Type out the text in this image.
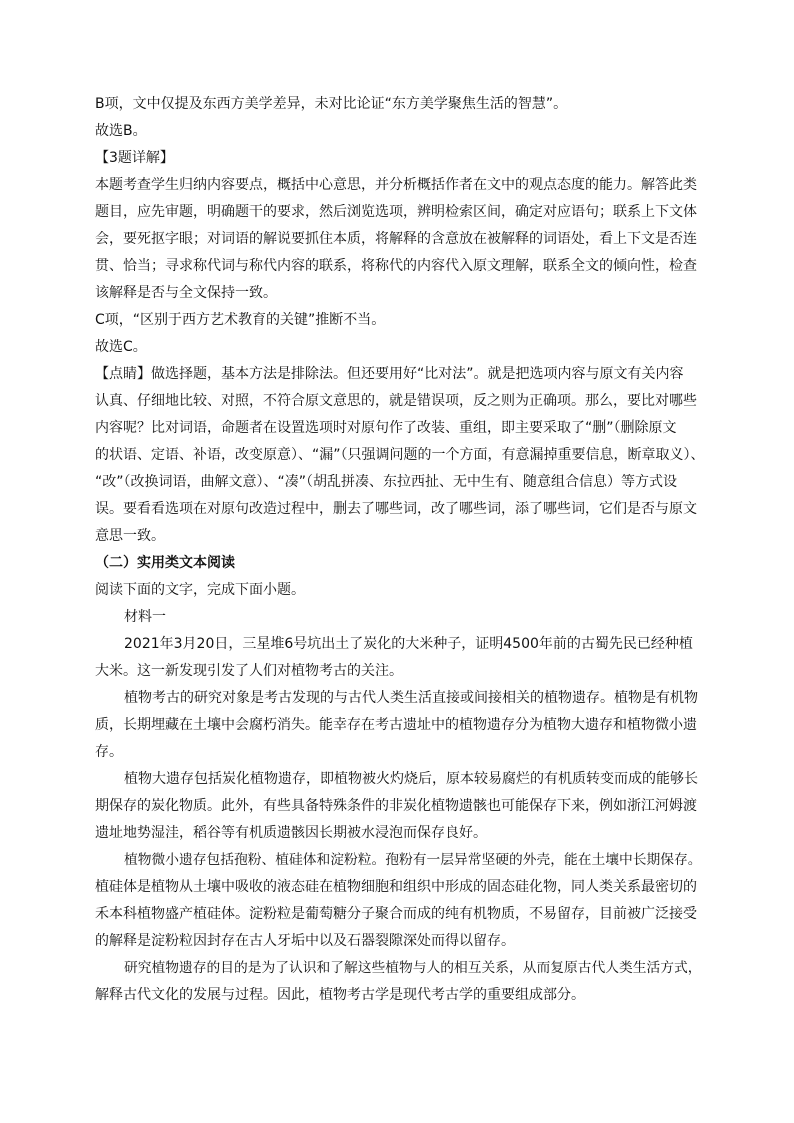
B项，文中仅提及东西方美学差异，未对比论证“东方美学聚焦生活的智慧”。

故选B。

【3题详解】

本题考查学生归纳内容要点，概括中心意思，并分析概括作者在文中的观点态度的能力。解答此类

题目，应先审题，明确题干的要求，然后浏览选项，辨明检索区间，确定对应语句；联系上下文体

会，要死抠字眼；对词语的解说要抓住本质，将解释的含意放在被解释的词语处，看上下文是否连

贯、恰当；寻求称代词与称代内容的联系，将称代的内容代入原文理解，联系全文的倾向性，检查

该解释是否与全文保持一致。

C项，“区别于西方艺术教育的关键”推断不当。

故选C。

【点睛】做选择题，基本方法是排除法。但还要用好“比对法”。就是把选项内容与原文有关内容

认真、仔细地比较、对照，不符合原文意思的，就是错误项，反之则为正确项。那么，要比对哪些

内容呢？比对词语，命题者在设置选项时对原句作了改装、重组，即主要采取了“删”（删除原文

的状语、定语、补语，改变原意）、“漏”（只强调问题的一个方面，有意漏掉重要信息，断章取义）、

“改”（改换词语，曲解文意）、“凑”（胡乱拼凑、东拉西扯、无中生有、随意组合信息）等方式设

误。要看看选项在对原句改造过程中，删去了哪些词，改了哪些词，添了哪些词，它们是否与原文

意思一致。

（二）实用类文本阅读

阅读下面的文字，完成下面小题。

材料一

2021年3月20日，三星堆6号坑出土了炭化的大米种子，证明4500年前的古蜀先民已经种植

大米。这一新发现引发了人们对植物考古的关注。

植物考古的研究对象是考古发现的与古代人类生活直接或间接相关的植物遗存。植物是有机物

质，长期埋藏在土壤中会腐朽消失。能幸存在考古遗址中的植物遗存分为植物大遗存和植物微小遗

存。

植物大遗存包括炭化植物遗存，即植物被火灼烧后，原本较易腐烂的有机质转变而成的能够长

期保存的炭化物质。此外，有些具备特殊条件的非炭化植物遗骸也可能保存下来，例如浙江河姆渡

遗址地势湿洼，稻谷等有机质遗骸因长期被水浸泡而保存良好。

植物微小遗存包括孢粉、植硅体和淀粉粒。孢粉有一层异常坚硬的外壳，能在土壤中长期保存。

植硅体是植物从土壤中吸收的液态硅在植物细胞和组织中形成的固态硅化物，同人类关系最密切的

禾本科植物盛产植硅体。淀粉粒是葡萄糖分子聚合而成的纯有机物质，不易留存，目前被广泛接受

的解释是淀粉粒因封存在古人牙垢中以及石器裂隙深处而得以留存。

研究植物遗存的目的是为了认识和了解这些植物与人的相互关系，从而复原古代人类生活方式，

解释古代文化的发展与过程。因此，植物考古学是现代考古学的重要组成部分。
